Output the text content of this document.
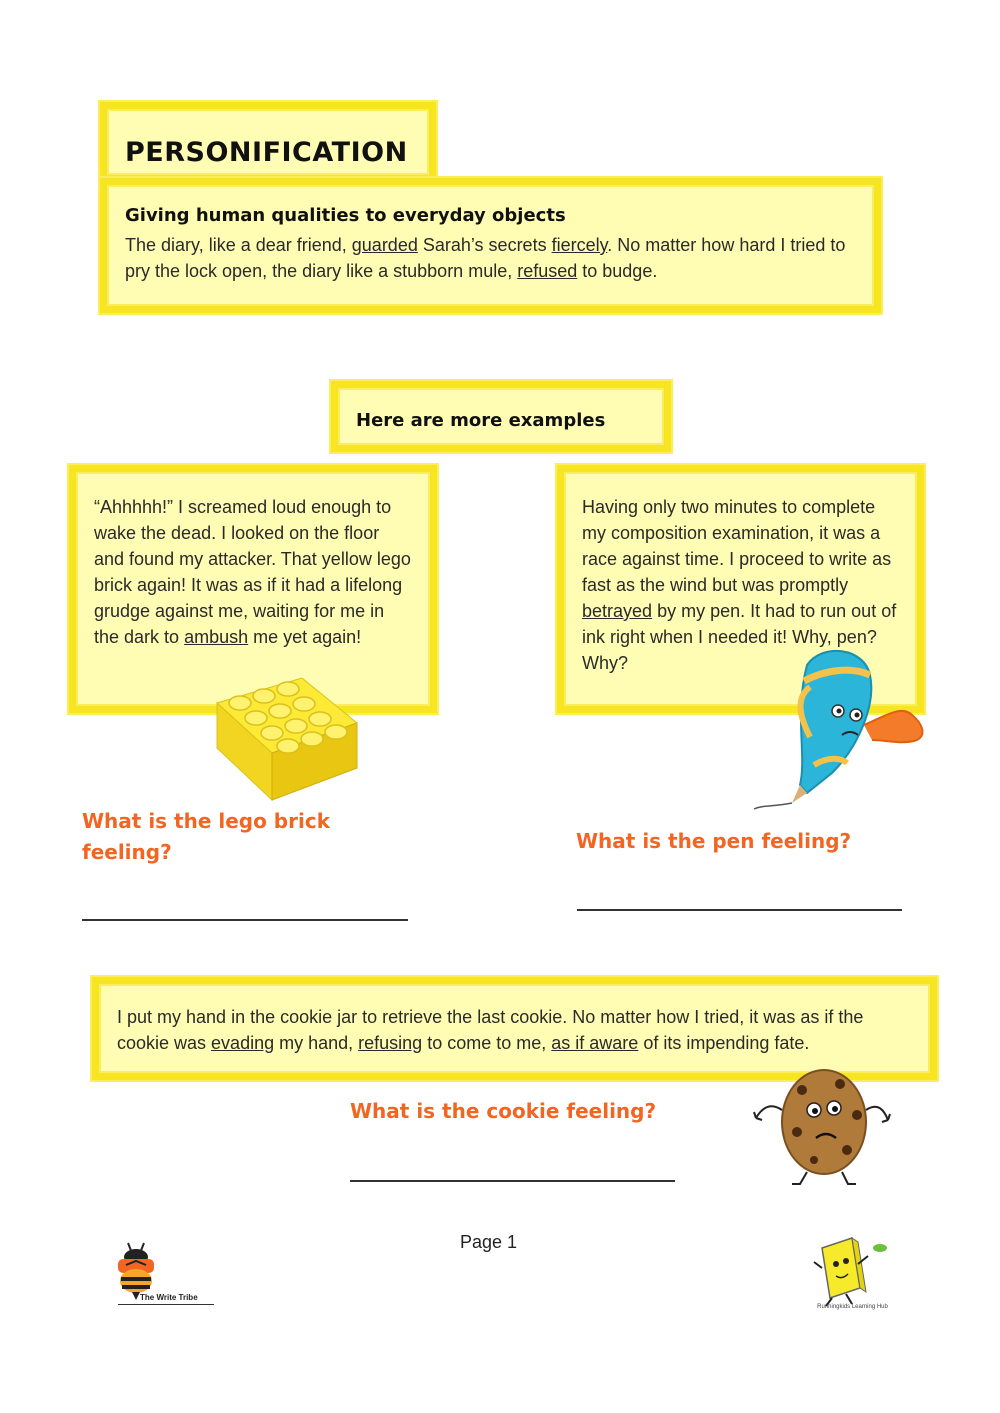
PERSONIFICATION
Giving human qualities to everyday objects
The diary, like a dear friend, guarded Sarah’s secrets fiercely. No matter how hard I tried to pry the lock open, the diary like a stubborn mule, refused to budge.
Here are more examples
“Ahhhhh!” I screamed loud enough to wake the dead. I looked on the floor and found my attacker. That yellow lego brick again! It was as if it had a lifelong grudge against me, waiting for me in the dark to ambush me yet again!
Having only two minutes to complete my composition examination, it was a race against time. I proceed to write as fast as the wind but was promptly betrayed by my pen. It had to run out of ink right when I needed it! Why, pen? Why?
What is the lego brick feeling?	What is the pen feeling?
I put my hand in the cookie jar to retrieve the last cookie. No matter how I tried, it was as if the cookie was evading my hand, refusing to come to me, as if aware of its impending fate.
What is the cookie feeling?
Page 1
The Write Tribe
Runningkids Learning Hub
